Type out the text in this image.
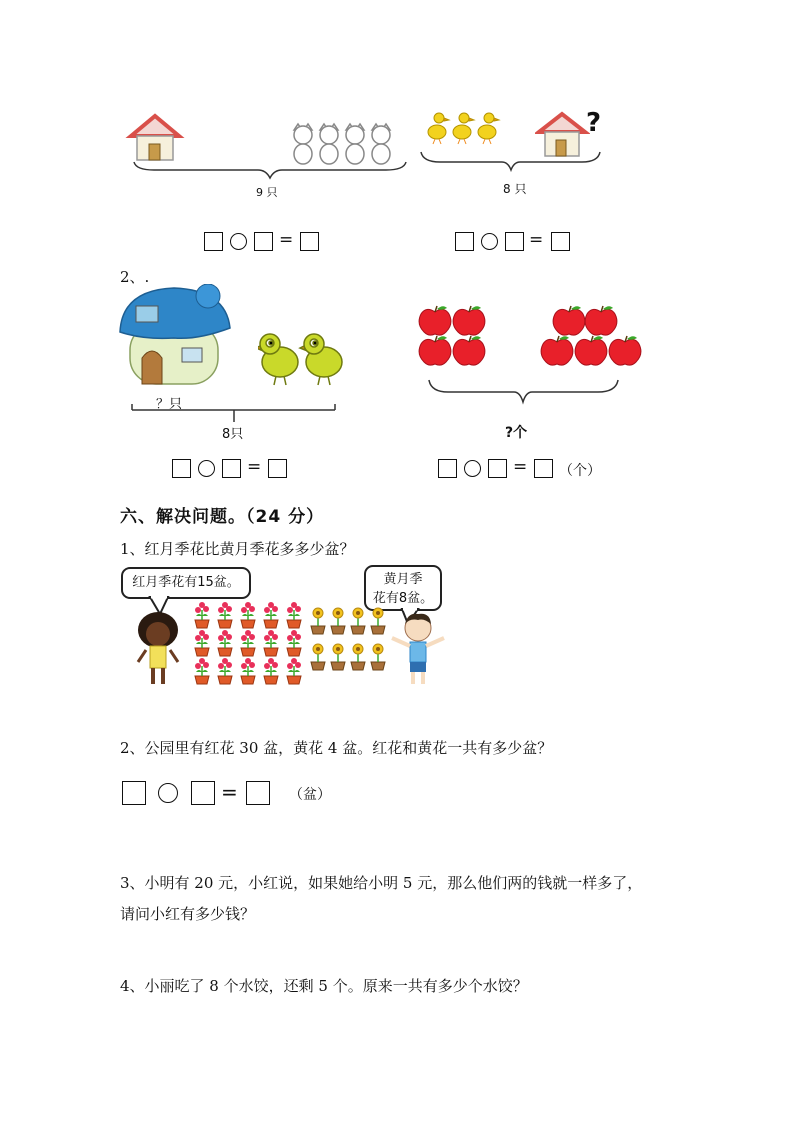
9 只
?
8 只
=	=
2、.
？只
8只	?个
=	= （个）
六、解决问题。（24 分）
1、红月季花比黄月季花多多少盆？
红月季花有15盆。	黄月季
花有8盆。
2、公园里有红花 30 盆，黄花 4 盆。红花和黄花一共有多少盆？
=	（盆）
3、小明有 20 元，小红说，如果她给小明 5 元，那么他们两的钱就一样多了，
请问小红有多少钱？
4、小丽吃了 8 个水饺，还剩 5 个。原来一共有多少个水饺？
